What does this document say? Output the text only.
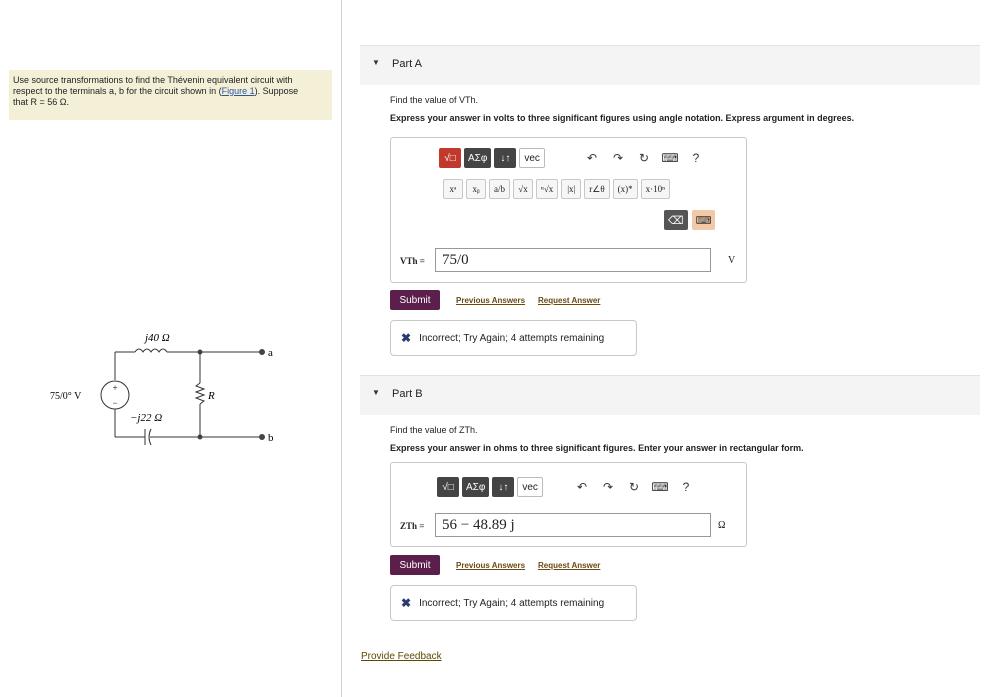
Use source transformations to find the Thévenin equivalent circuit with
respect to the terminals a, b for the circuit shown in (Figure 1). Suppose
that R = 56 Ω.
+
−
j40 Ω
−j22 Ω
75/0° V	R
a
b
▼ Part A
Find the value of VTh.
Express your answer in volts to three significant figures using angle notation. Express argument in degrees.
√□	ΑΣφ	↓↑	vec	↶ ↷ ↻ ⌨	?
xᵃ	xᵦ	a/b	√x	ⁿ√x	|x|	r∠θ	(x)*	x·10ⁿ
⌫	⌨
VTh =	75/0	V
Submit	Previous Answers Request Answer
✖ Incorrect; Try Again; 4 attempts remaining
▼ Part B
Find the value of ZTh.
Express your answer in ohms to three significant figures. Enter your answer in rectangular form.
√□	ΑΣφ	↓↑	vec	↶ ↷ ↻ ⌨	?
ZTh =	56 − 48.89 j	Ω
Submit	Previous Answers Request Answer
✖ Incorrect; Try Again; 4 attempts remaining
Provide Feedback
